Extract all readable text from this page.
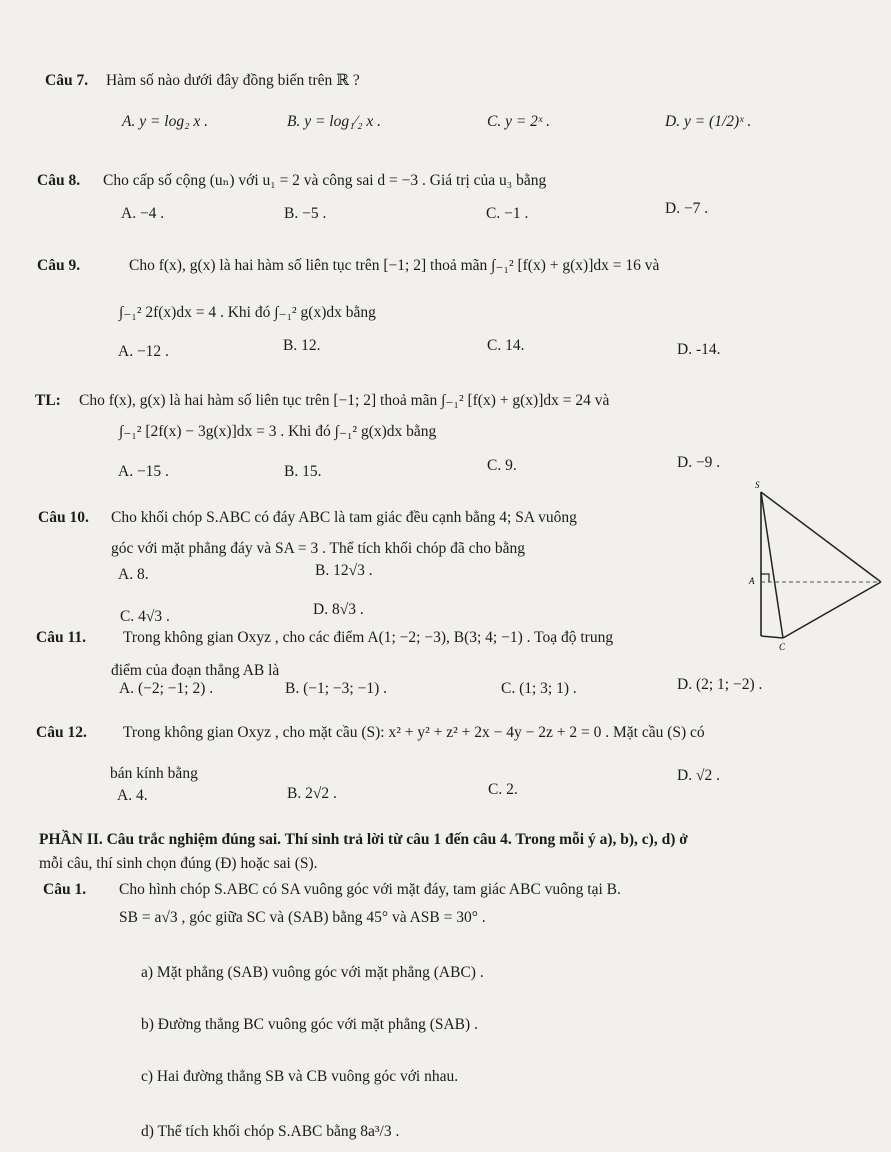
Câu 7. Hàm số nào dưới đây đồng biến trên ℝ ?
A. y = log₂ x .	B. y = log₁⁄₂ x .	C. y = 2ˣ .	D. y = (1/2)ˣ .
Câu 8. Cho cấp số cộng (uₙ) với u₁ = 2 và công sai d = −3 . Giá trị của u₃ bằng
A. −4 .	B. −5 .	C. −1 .	D. −7 .
Câu 9.	Cho f(x), g(x) là hai hàm số liên tục trên [−1; 2] thoả mãn ∫₋₁² [f(x) + g(x)]dx = 16 và
∫₋₁² 2f(x)dx = 4 . Khi đó ∫₋₁² g(x)dx bằng
A. −12 .	B. 12.	C. 14.	D. -14.
TL: Cho f(x), g(x) là hai hàm số liên tục trên [−1; 2] thoả mãn ∫₋₁² [f(x) + g(x)]dx = 24 và
∫₋₁² [2f(x) − 3g(x)]dx = 3 . Khi đó ∫₋₁² g(x)dx bằng
A. −15 .	B. 15.	C. 9.	D. −9 .
Câu 10. Cho khối chóp S.ABC có đáy ABC là tam giác đều cạnh bằng 4; SA vuông
góc với mặt phẳng đáy và SA = 3 . Thể tích khối chóp đã cho bằng
A. 8.	B. 12√3 .
C. 4√3 .	D. 8√3 .
S
A
C
Câu 11. Trong không gian Oxyz , cho các điểm A(1; −2; −3), B(3; 4; −1) . Toạ độ trung
điểm của đoạn thẳng AB là
A. (−2; −1; 2) .	B. (−1; −3; −1) .	C. (1; 3; 1) .	D. (2; 1; −2) .
Câu 12. Trong không gian Oxyz , cho mặt cầu (S): x² + y² + z² + 2x − 4y − 2z + 2 = 0 . Mặt cầu (S) có
bán kính bằng
A. 4.	B. 2√2 .	C. 2.
D. √2 .
PHẦN II. Câu trắc nghiệm đúng sai. Thí sinh trả lời từ câu 1 đến câu 4. Trong mỗi ý a), b), c), d) ở
mỗi câu, thí sinh chọn đúng (Đ) hoặc sai (S).
Câu 1. Cho hình chóp S.ABC có SA vuông góc với mặt đáy, tam giác ABC vuông tại B.
SB = a√3 , góc giữa SC và (SAB) bằng 45° và ASB = 30° .
a) Mặt phẳng (SAB) vuông góc với mặt phẳng (ABC) .
b) Đường thẳng BC vuông góc với mặt phẳng (SAB) .
c) Hai đường thẳng SB và CB vuông góc với nhau.
d) Thể tích khối chóp S.ABC bằng 8a³/3 .
